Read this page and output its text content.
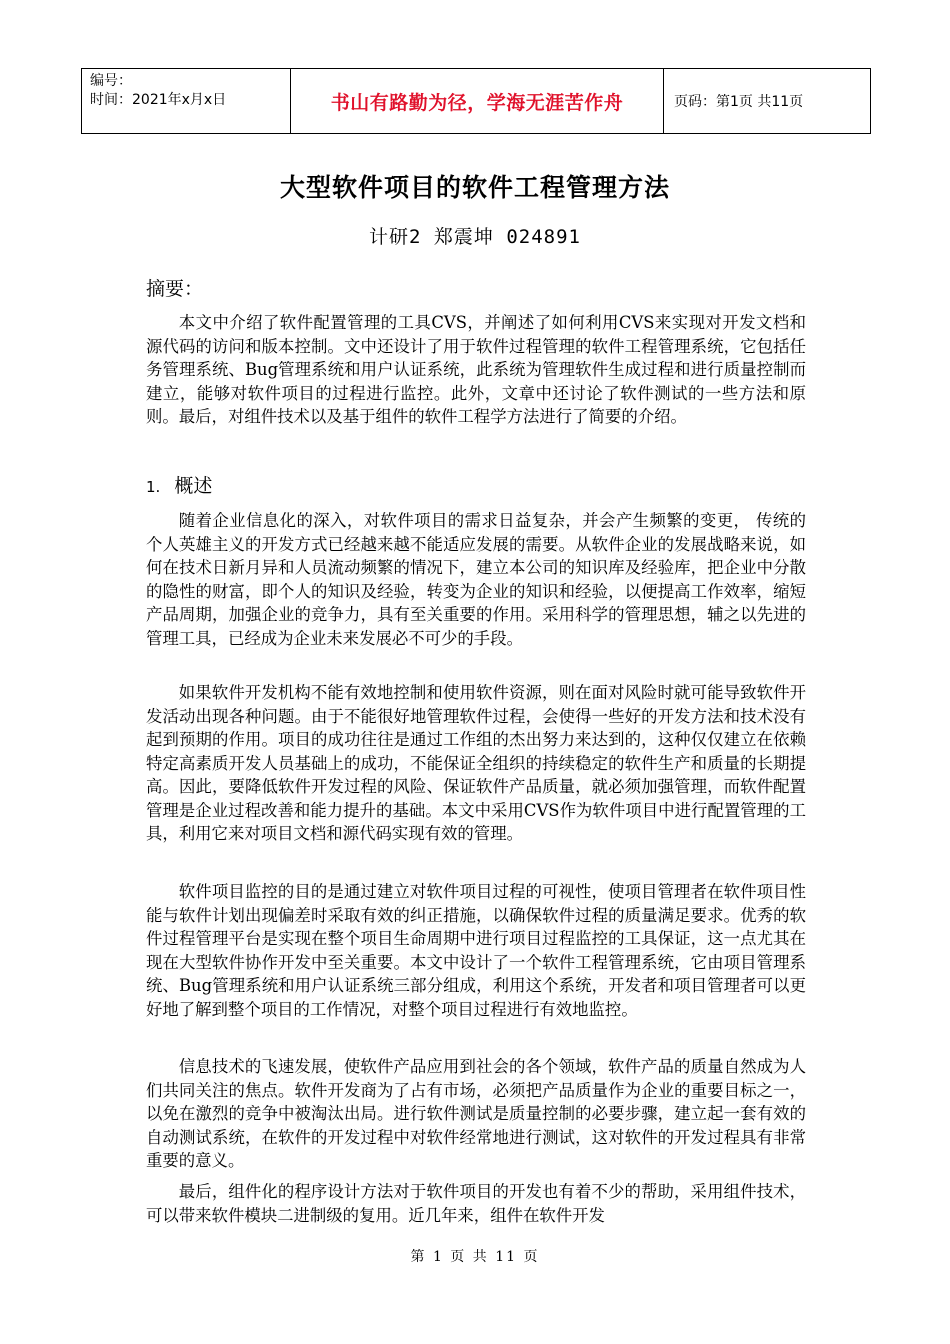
编号：
时间：2021年x月x日	书山有路勤为径，学海无涯苦作舟	页码：第1页 共11页
大型软件项目的软件工程管理方法
计研2 郑震坤 024891
摘要：

本文中介绍了软件配置管理的工具CVS，并阐述了如何利用CVS来实现对开发文档和源代码的访问和版本控制。文中还设计了用于软件过程管理的软件工程管理系统，它包括任务管理系统、Bug管理系统和用户认证系统，此系统为管理软件生成过程和进行质量控制而建立，能够对软件项目的过程进行监控。此外，文章中还讨论了软件测试的一些方法和原则。最后，对组件技术以及基于组件的软件工程学方法进行了简要的介绍。

1. 概述

随着企业信息化的深入，对软件项目的需求日益复杂，并会产生频繁的变更， 传统的个人英雄主义的开发方式已经越来越不能适应发展的需要。从软件企业的发展战略来说，如何在技术日新月异和人员流动频繁的情况下，建立本公司的知识库及经验库，把企业中分散的隐性的财富，即个人的知识及经验，转变为企业的知识和经验，以便提高工作效率，缩短产品周期，加强企业的竞争力，具有至关重要的作用。采用科学的管理思想，辅之以先进的管理工具，已经成为企业未来发展必不可少的手段。

如果软件开发机构不能有效地控制和使用软件资源，则在面对风险时就可能导致软件开发活动出现各种问题。由于不能很好地管理软件过程，会使得一些好的开发方法和技术没有起到预期的作用。项目的成功往往是通过工作组的杰出努力来达到的，这种仅仅建立在依赖特定高素质开发人员基础上的成功，不能保证全组织的持续稳定的软件生产和质量的长期提高。因此，要降低软件开发过程的风险、保证软件产品质量，就必须加强管理，而软件配置管理是企业过程改善和能力提升的基础。本文中采用CVS作为软件项目中进行配置管理的工具，利用它来对项目文档和源代码实现有效的管理。

软件项目监控的目的是通过建立对软件项目过程的可视性，使项目管理者在软件项目性能与软件计划出现偏差时采取有效的纠正措施，以确保软件过程的质量满足要求。优秀的软件过程管理平台是实现在整个项目生命周期中进行项目过程监控的工具保证，这一点尤其在现在大型软件协作开发中至关重要。本文中设计了一个软件工程管理系统，它由项目管理系统、Bug管理系统和用户认证系统三部分组成，利用这个系统，开发者和项目管理者可以更好地了解到整个项目的工作情况，对整个项目过程进行有效地监控。

信息技术的飞速发展，使软件产品应用到社会的各个领域，软件产品的质量自然成为人们共同关注的焦点。软件开发商为了占有市场，必须把产品质量作为企业的重要目标之一，以免在激烈的竞争中被淘汰出局。进行软件测试是质量控制的必要步骤，建立起一套有效的自动测试系统，在软件的开发过程中对软件经常地进行测试，这对软件的开发过程具有非常重要的意义。

最后，组件化的程序设计方法对于软件项目的开发也有着不少的帮助，采用组件技术，可以带来软件模块二进制级的复用。近几年来，组件在软件开发

第 1 页 共 11 页
